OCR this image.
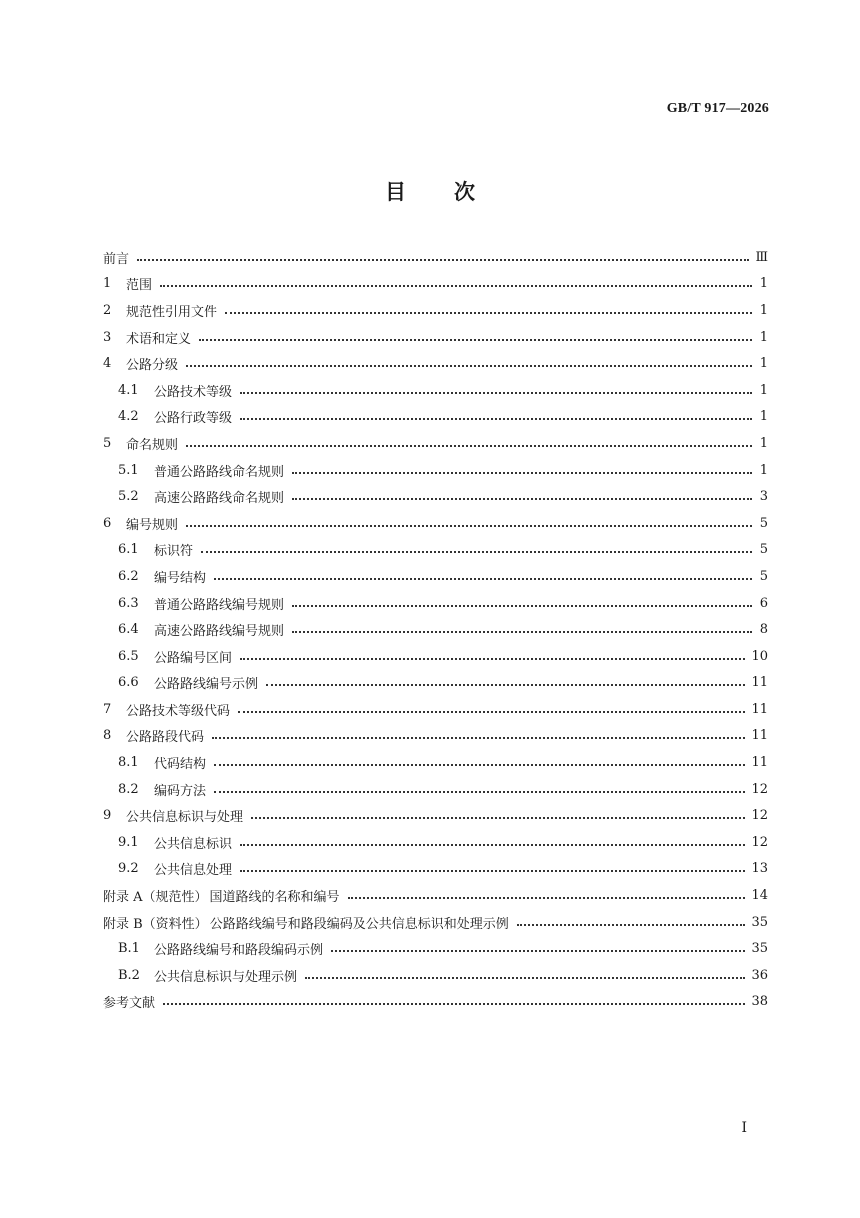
GB/T 917—2026
目次
前言	Ⅲ
1	范围	1
2	规范性引用文件	1
3	术语和定义	1
4	公路分级	1
4.1	公路技术等级	1
4.2	公路行政等级	1
5	命名规则	1
5.1	普通公路路线命名规则	1
5.2	高速公路路线命名规则	3
6	编号规则	5
6.1	标识符	5
6.2	编号结构	5
6.3	普通公路路线编号规则	6
6.4	高速公路路线编号规则	8
6.5	公路编号区间	10
6.6	公路路线编号示例	11
7	公路技术等级代码	11
8	公路路段代码	11
8.1	代码结构	11
8.2	编码方法	12
9	公共信息标识与处理	12
9.1	公共信息标识	12
9.2	公共信息处理	13
附录 A（规范性） 国道路线的名称和编号	14
附录 B（资料性） 公路路线编号和路段编码及公共信息标识和处理示例	35
B.1	公路路线编号和路段编码示例	35
B.2	公共信息标识与处理示例	36
参考文献	38
Ⅰ
